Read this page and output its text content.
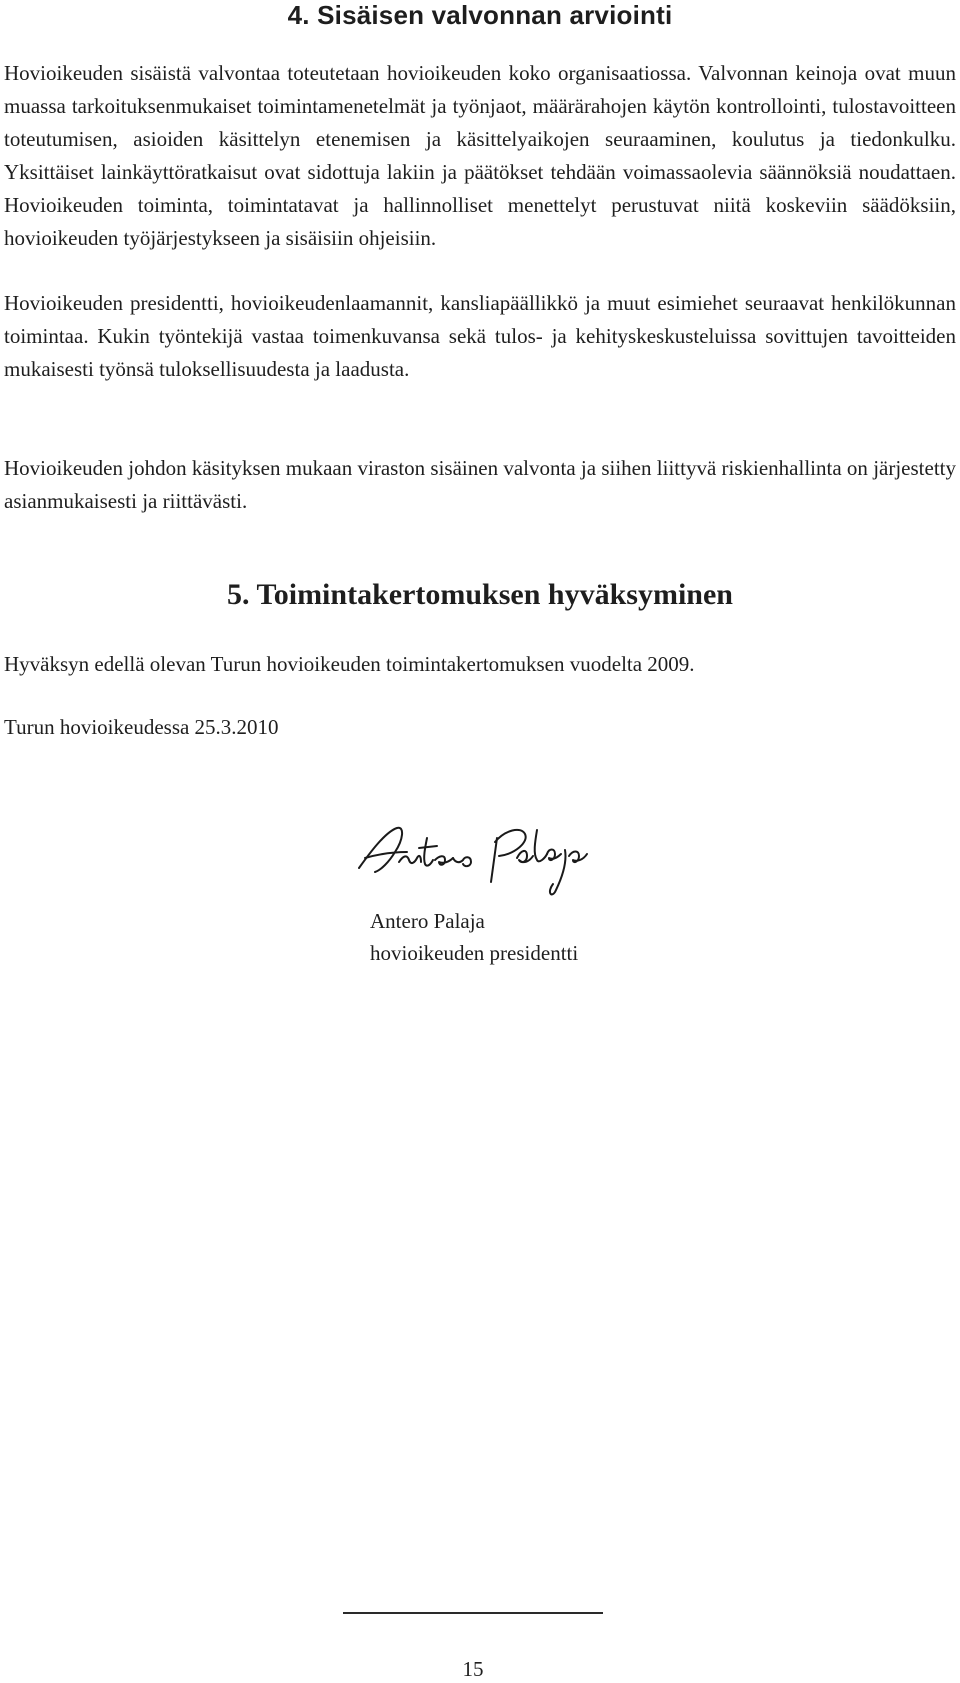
4. Sisäisen valvonnan arviointi

Hovioikeuden sisäistä valvontaa toteutetaan hovioikeuden koko organisaatiossa. Valvonnan keinoja ovat muun muassa tarkoituksenmukaiset toimintamenetelmät ja työnjaot, määrärahojen käytön kontrollointi, tulostavoitteen toteutumisen, asioiden käsittelyn etenemisen ja käsittelyaikojen seuraaminen, koulutus ja tiedonkulku. Yksittäiset lainkäyttöratkaisut ovat sidottuja lakiin ja päätökset tehdään voimassaolevia säännöksiä noudattaen. Hovioikeuden toiminta, toimintatavat ja hallinnolliset menettelyt perustuvat niitä koskeviin säädöksiin, hovioikeuden työjärjestykseen ja sisäisiin ohjeisiin.

Hovioikeuden presidentti, hovioikeudenlaamannit, kansliapäällikkö ja muut esimiehet seuraavat henkilökunnan toimintaa. Kukin työntekijä vastaa toimenkuvansa sekä tulos- ja kehityskeskusteluissa sovittujen tavoitteiden mukaisesti työnsä tuloksellisuudesta ja laadusta.

Hovioikeuden johdon käsityksen mukaan viraston sisäinen valvonta ja siihen liittyvä riskienhallinta on järjestetty asianmukaisesti ja riittävästi.

5. Toimintakertomuksen hyväksyminen

Hyväksyn edellä olevan Turun hovioikeuden toimintakertomuksen vuodelta 2009.

Turun hovioikeudessa 25.3.2010

Antero Palaja
hovioikeuden presidentti
15
